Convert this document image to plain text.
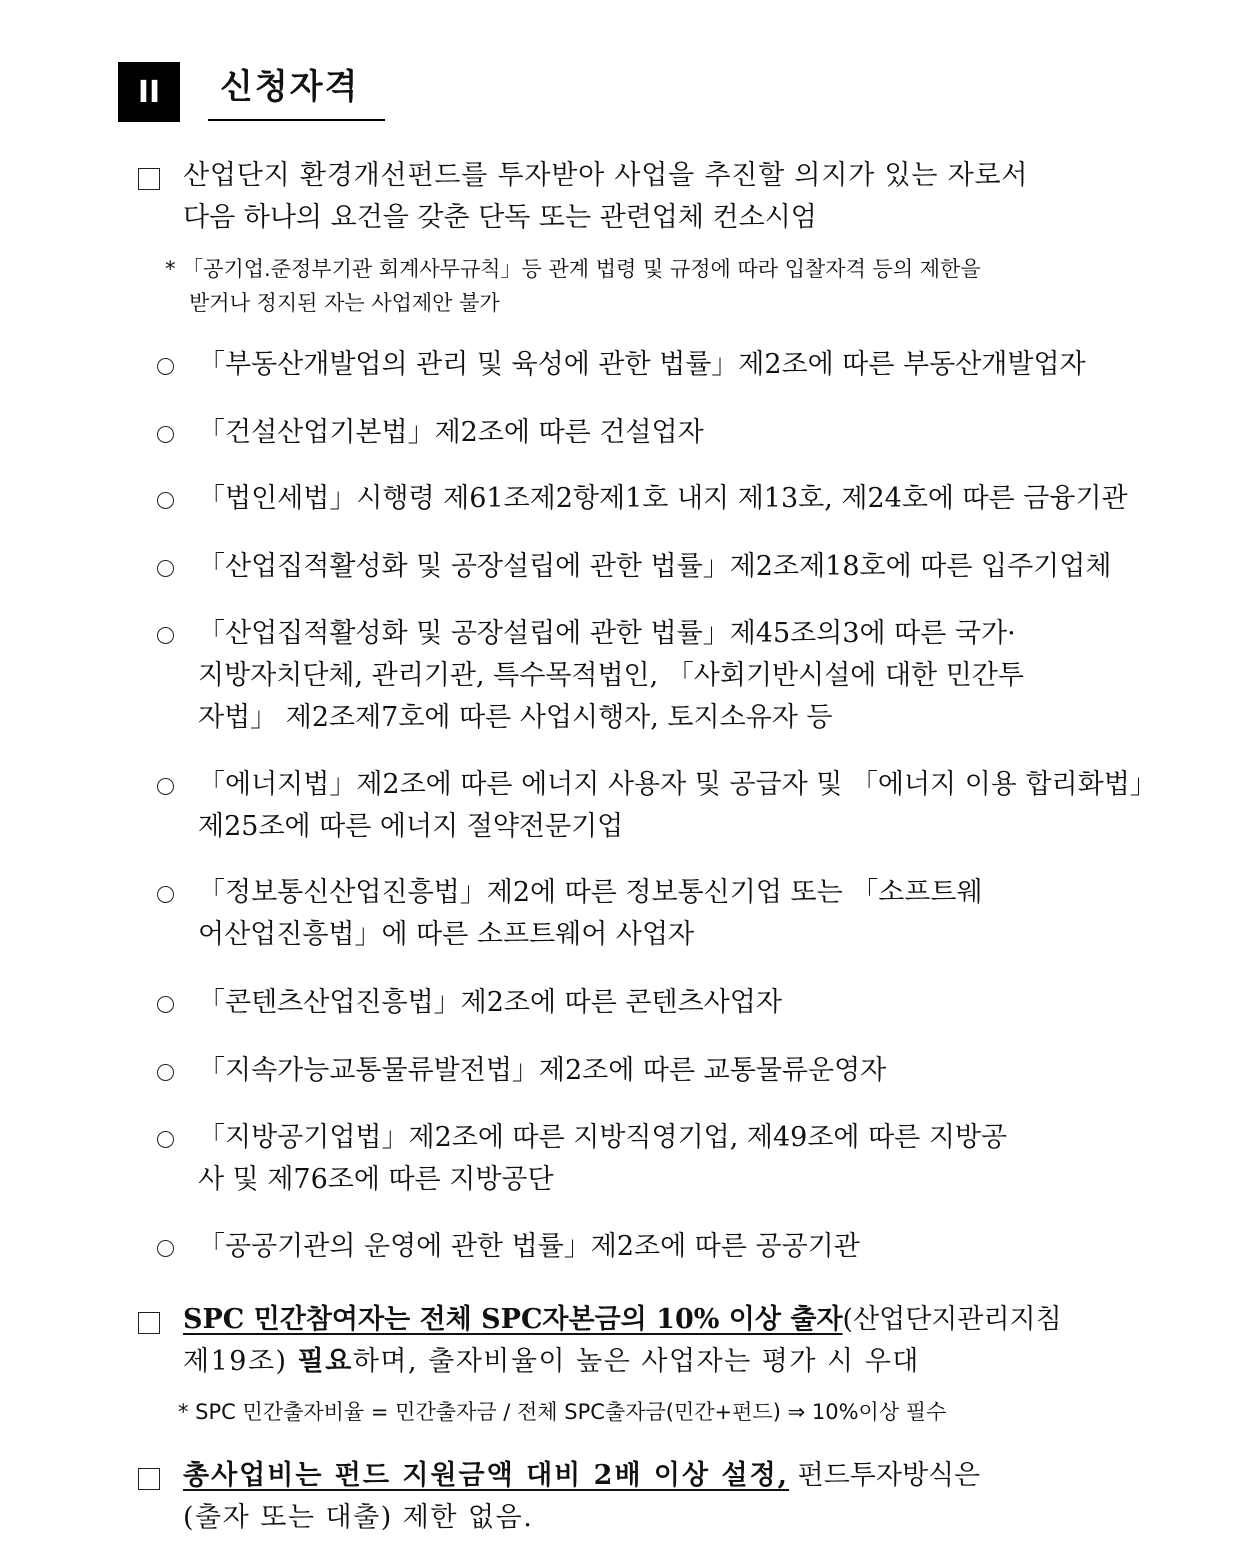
II	신청자격
산업단지 환경개선펀드를 투자받아 사업을 추진할 의지가 있는 자로서
다음 하나의 요건을 갖춘 단독 또는 관련업체 컨소시엄
* 「공기업.준정부기관 회계사무규칙」등 관계 법령 및 규정에 따라 입찰자격 등의 제한을
받거나 정지된 자는 사업제안 불가
「부동산개발업의 관리 및 육성에 관한 법률」제2조에 따른 부동산개발업자
「건설산업기본법」제2조에 따른 건설업자
「법인세법」시행령 제61조제2항제1호 내지 제13호, 제24호에 따른 금융기관
「산업집적활성화 및 공장설립에 관한 법률」제2조제18호에 따른 입주기업체
「산업집적활성화 및 공장설립에 관한 법률」제45조의3에 따른 국가·
지방자치단체, 관리기관, 특수목적법인, 「사회기반시설에 대한 민간투
자법」 제2조제7호에 따른 사업시행자, 토지소유자 등
「에너지법」제2조에 따른 에너지 사용자 및 공급자 및 「에너지 이용 합리화법」
제25조에 따른 에너지 절약전문기업
「정보통신산업진흥법」제2에 따른 정보통신기업 또는 「소프트웨
어산업진흥법」에 따른 소프트웨어 사업자
「콘텐츠산업진흥법」제2조에 따른 콘텐츠사업자
「지속가능교통물류발전법」제2조에 따른 교통물류운영자
「지방공기업법」제2조에 따른 지방직영기업, 제49조에 따른 지방공
사 및 제76조에 따른 지방공단
「공공기관의 운영에 관한 법률」제2조에 따른 공공기관
SPC 민간참여자는 전체 SPC자본금의 10% 이상 출자(산업단지관리지침
제19조) 필요하며, 출자비율이 높은 사업자는 평가 시 우대
* SPC 민간출자비율 = 민간출자금 / 전체 SPC출자금(민간+펀드) ⇒ 10%이상 필수
총사업비는 펀드 지원금액 대비 2배 이상 설정, 펀드투자방식은
(출자 또는 대출) 제한 없음.
